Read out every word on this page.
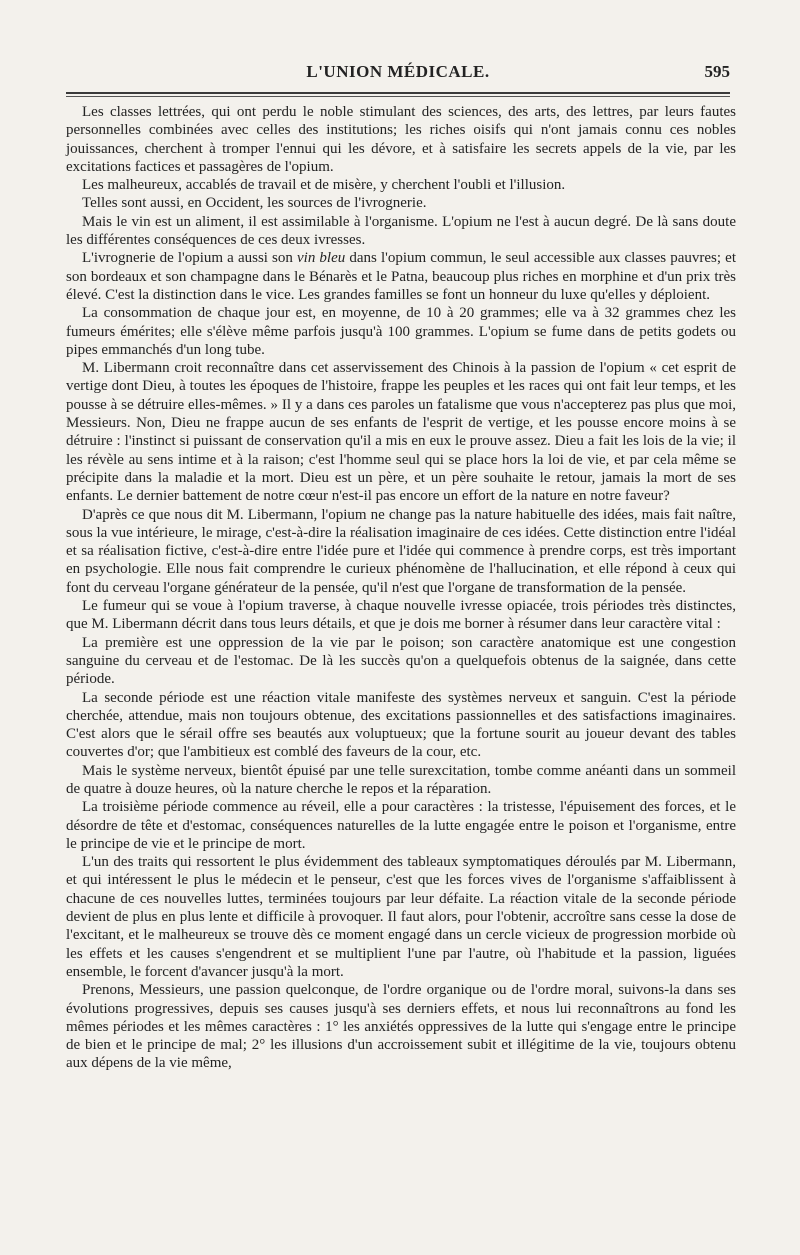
L'UNION MÉDICALE.	595

Les classes lettrées, qui ont perdu le noble stimulant des sciences, des arts, des lettres, par leurs fautes personnelles combinées avec celles des institutions; les riches oisifs qui n'ont jamais connu ces nobles jouissances, cherchent à tromper l'ennui qui les dévore, et à satisfaire les secrets appels de la vie, par les excitations factices et passagères de l'opium.

Les malheureux, accablés de travail et de misère, y cherchent l'oubli et l'illusion.

Telles sont aussi, en Occident, les sources de l'ivrognerie.

Mais le vin est un aliment, il est assimilable à l'organisme. L'opium ne l'est à aucun degré. De là sans doute les différentes conséquences de ces deux ivresses.

L'ivrognerie de l'opium a aussi son vin bleu dans l'opium commun, le seul accessible aux classes pauvres; et son bordeaux et son champagne dans le Bénarès et le Patna, beaucoup plus riches en morphine et d'un prix très élevé. C'est la distinction dans le vice. Les grandes familles se font un honneur du luxe qu'elles y déploient.

La consommation de chaque jour est, en moyenne, de 10 à 20 grammes; elle va à 32 grammes chez les fumeurs émérites; elle s'élève même parfois jusqu'à 100 grammes. L'opium se fume dans de petits godets ou pipes emmanchés d'un long tube.

M. Libermann croit reconnaître dans cet asservissement des Chinois à la passion de l'opium « cet esprit de vertige dont Dieu, à toutes les époques de l'histoire, frappe les peuples et les races qui ont fait leur temps, et les pousse à se détruire elles-mêmes. » Il y a dans ces paroles un fatalisme que vous n'accepterez pas plus que moi, Messieurs. Non, Dieu ne frappe aucun de ses enfants de l'esprit de vertige, et les pousse encore moins à se détruire : l'instinct si puissant de conservation qu'il a mis en eux le prouve assez. Dieu a fait les lois de la vie; il les révèle au sens intime et à la raison; c'est l'homme seul qui se place hors la loi de vie, et par cela même se précipite dans la maladie et la mort. Dieu est un père, et un père souhaite le retour, jamais la mort de ses enfants. Le dernier battement de notre cœur n'est-il pas encore un effort de la nature en notre faveur?

D'après ce que nous dit M. Libermann, l'opium ne change pas la nature habituelle des idées, mais fait naître, sous la vue intérieure, le mirage, c'est-à-dire la réalisation imaginaire de ces idées. Cette distinction entre l'idéal et sa réalisation fictive, c'est-à-dire entre l'idée pure et l'idée qui commence à prendre corps, est très important en psychologie. Elle nous fait comprendre le curieux phénomène de l'hallucination, et elle répond à ceux qui font du cerveau l'organe générateur de la pensée, qu'il n'est que l'organe de transformation de la pensée.

Le fumeur qui se voue à l'opium traverse, à chaque nouvelle ivresse opiacée, trois périodes très distinctes, que M. Libermann décrit dans tous leurs détails, et que je dois me borner à résumer dans leur caractère vital :

La première est une oppression de la vie par le poison; son caractère anatomique est une congestion sanguine du cerveau et de l'estomac. De là les succès qu'on a quelquefois obtenus de la saignée, dans cette période.

La seconde période est une réaction vitale manifeste des systèmes nerveux et sanguin. C'est la période cherchée, attendue, mais non toujours obtenue, des excitations passionnelles et des satisfactions imaginaires. C'est alors que le sérail offre ses beautés aux voluptueux; que la fortune sourit au joueur devant des tables couvertes d'or; que l'ambitieux est comblé des faveurs de la cour, etc.

Mais le système nerveux, bientôt épuisé par une telle surexcitation, tombe comme anéanti dans un sommeil de quatre à douze heures, où la nature cherche le repos et la réparation.

La troisième période commence au réveil, elle a pour caractères : la tristesse, l'épuisement des forces, et le désordre de tête et d'estomac, conséquences naturelles de la lutte engagée entre le poison et l'organisme, entre le principe de vie et le principe de mort.

L'un des traits qui ressortent le plus évidemment des tableaux symptomatiques déroulés par M. Libermann, et qui intéressent le plus le médecin et le penseur, c'est que les forces vives de l'organisme s'affaiblissent à chacune de ces nouvelles luttes, terminées toujours par leur défaite. La réaction vitale de la seconde période devient de plus en plus lente et difficile à provoquer. Il faut alors, pour l'obtenir, accroître sans cesse la dose de l'excitant, et le malheureux se trouve dès ce moment engagé dans un cercle vicieux de progression morbide où les effets et les causes s'engendrent et se multiplient l'une par l'autre, où l'habitude et la passion, liguées ensemble, le forcent d'avancer jusqu'à la mort.

Prenons, Messieurs, une passion quelconque, de l'ordre organique ou de l'ordre moral, suivons-la dans ses évolutions progressives, depuis ses causes jusqu'à ses derniers effets, et nous lui reconnaîtrons au fond les mêmes périodes et les mêmes caractères : 1° les anxiétés oppressives de la lutte qui s'engage entre le principe de bien et le principe de mal; 2° les illusions d'un accroissement subit et illégitime de la vie, toujours obtenu aux dépens de la vie même,
